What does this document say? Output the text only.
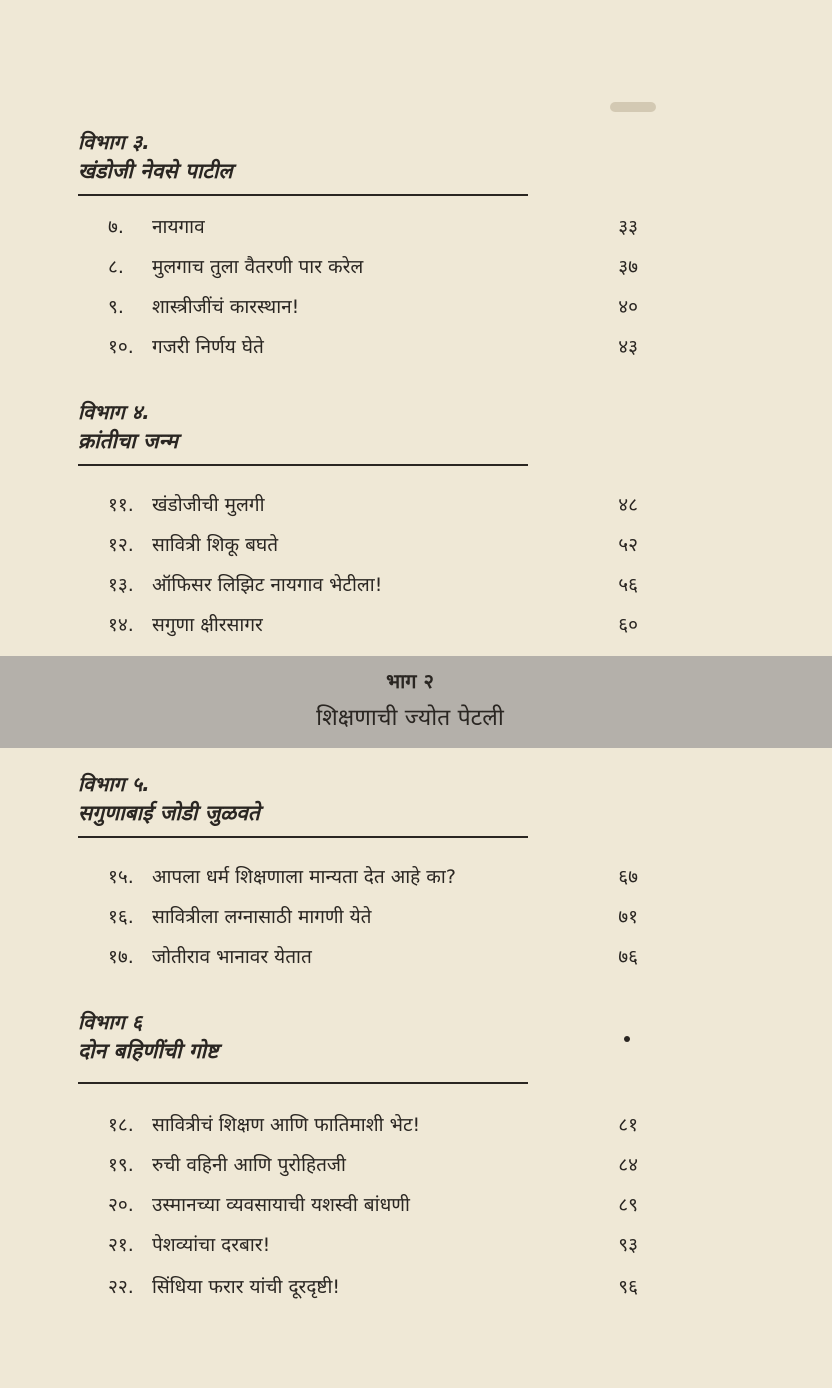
विभाग ३.
खंडोजी नेवसे पाटील
७. नायगाव	३३
८. मुलगाच तुला वैतरणी पार करेल	३७
९. शास्त्रीजींचं कारस्थान!	४०
१०. गजरी निर्णय घेते	४३
विभाग ४.
क्रांतीचा जन्म
११. खंडोजीची मुलगी	४८
१२. सावित्री शिकू बघते	५२
१३. ऑफिसर लिझिट नायगाव भेटीला!	५६
१४. सगुणा क्षीरसागर	६०
भाग २
शिक्षणाची ज्योत पेटली
विभाग ५.
सगुणाबाई जोडी जुळवते
१५. आपला धर्म शिक्षणाला मान्यता देत आहे का?	६७
१६. सावित्रीला लग्नासाठी मागणी येते	७१
१७. जोतीराव भानावर येतात	७६
विभाग ६
दोन बहिणींची गोष्ट
१८. सावित्रीचं शिक्षण आणि फातिमाशी भेट!	८१
१९. रुची वहिनी आणि पुरोहितजी	८४
२०. उस्मानच्या व्यवसायाची यशस्वी बांधणी	८९
२१. पेशव्यांचा दरबार!	९३
२२. सिंधिया फरार यांची दूरदृष्टी!	९६
